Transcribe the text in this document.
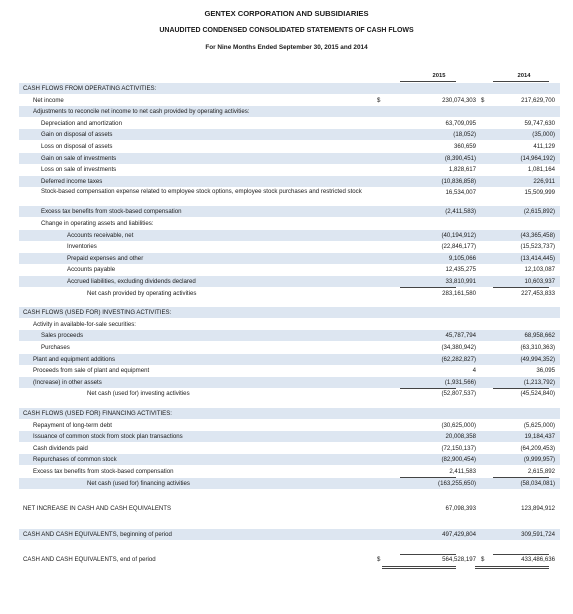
GENTEX CORPORATION AND SUBSIDIARIES
UNAUDITED CONDENSED CONSOLIDATED STATEMENTS OF CASH FLOWS
For Nine Months Ended September 30, 2015 and 2014
2015	2014
CASH FLOWS FROM OPERATING ACTIVITIES:
Net income	$	230,074,303 $	217,629,700
Adjustments to reconcile net income to net cash provided by operating activities:
Depreciation and amortization	63,709,095	59,747,630
Gain on disposal of assets	(18,052)	(35,000)
Loss on disposal of assets	360,659	411,129
Gain on sale of investments	(8,390,451)	(14,964,192)
Loss on sale of investments	1,828,617	1,081,164
Deferred income taxes	(10,836,858)	226,911
Stock-based compensation expense related to employee stock options, employee stock purchases and restricted stock	16,534,007	15,509,999
Excess tax benefits from stock-based compensation	(2,411,583)	(2,615,892)
Change in operating assets and liabilities:
Accounts receivable, net	(40,194,912)	(43,365,458)
Inventories	(22,846,177)	(15,523,737)
Prepaid expenses and other	9,105,066	(13,414,445)
Accounts payable	12,435,275	12,103,087
Accrued liabilities, excluding dividends declared	33,810,991	10,603,937
Net cash provided by operating activities	283,161,580	227,453,833
CASH FLOWS (USED FOR) INVESTING ACTIVITIES:
Activity in available-for-sale securities:
Sales proceeds	45,787,794	68,958,662
Purchases	(34,380,942)	(63,310,363)
Plant and equipment additions	(62,282,827)	(49,994,352)
Proceeds from sale of plant and equipment	4	36,095
(Increase) in other assets	(1,931,566)	(1,213,792)
Net cash (used for) investing activities	(52,807,537)	(45,524,840)
CASH FLOWS (USED FOR) FINANCING ACTIVITIES:
Repayment of long-term debt	(30,625,000)	(5,625,000)
Issuance of common stock from stock plan transactions	20,008,358	19,184,437
Cash dividends paid	(72,150,137)	(64,209,453)
Repurchases of common stock	(82,900,454)	(9,999,957)
Excess tax benefits from stock-based compensation	2,411,583	2,615,892
Net cash (used for) financing activities	(163,255,650)	(58,034,081)
NET INCREASE IN CASH AND CASH EQUIVALENTS	67,098,393	123,894,912
CASH AND CASH EQUIVALENTS, beginning of period	497,429,804	309,591,724
CASH AND CASH EQUIVALENTS, end of period	$	564,528,197 $	433,486,636
